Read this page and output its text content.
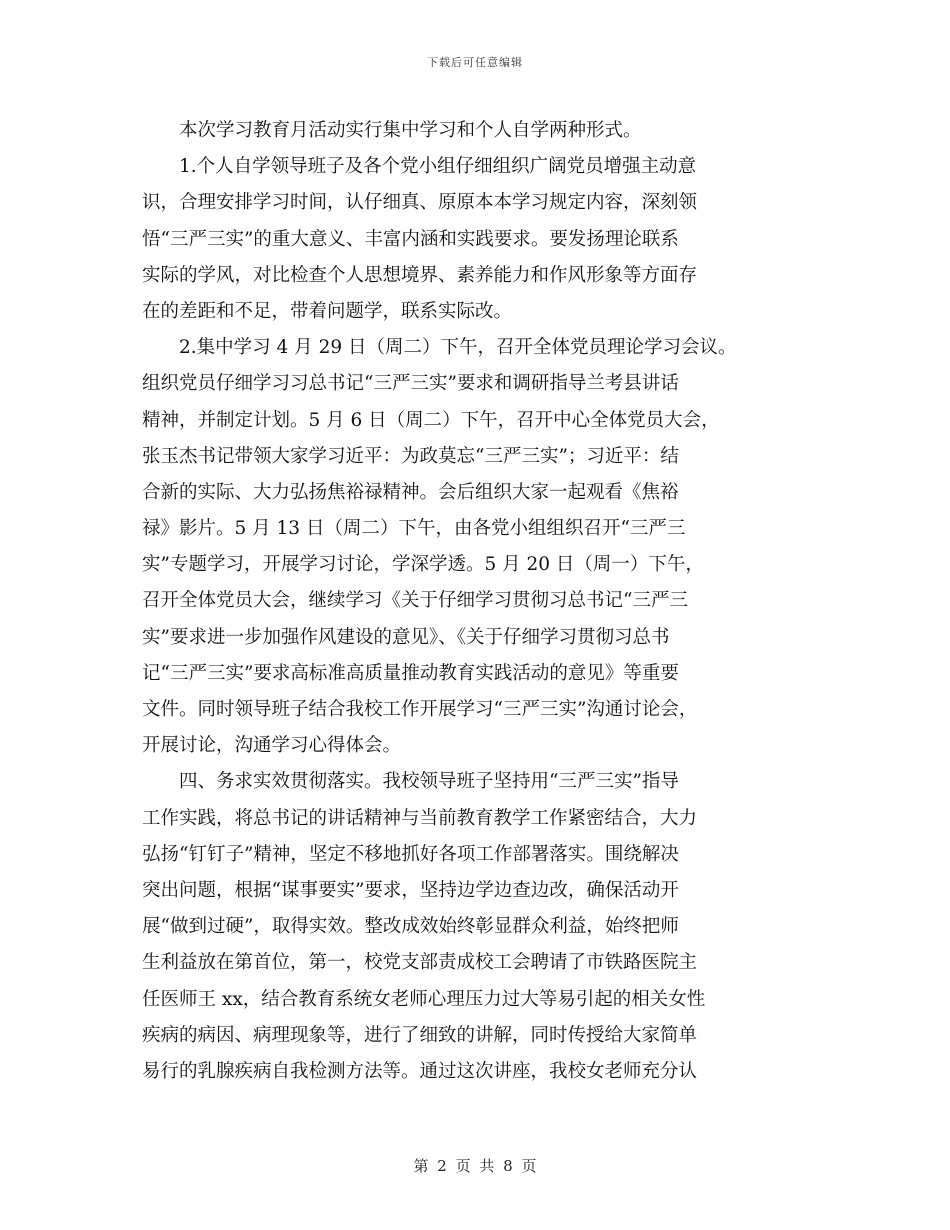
下载后可任意编辑
　　本次学习教育月活动实行集中学习和个人自学两种形式。
　　1.个人自学领导班子及各个党小组仔细组织广阔党员增强主动意
识，合理安排学习时间，认仔细真、原原本本学习规定内容，深刻领
悟“三严三实”的重大意义、丰富内涵和实践要求。要发扬理论联系
实际的学风，对比检查个人思想境界、素养能力和作风形象等方面存
在的差距和不足，带着问题学，联系实际改。
　　2.集中学习 4 月 29 日（周二）下午，召开全体党员理论学习会议。
组织党员仔细学习习总书记“三严三实”要求和调研指导兰考县讲话
精神，并制定计划。5 月 6 日（周二）下午，召开中心全体党员大会，
张玉杰书记带领大家学习近平：为政莫忘“三严三实”；习近平：结
合新的实际、大力弘扬焦裕禄精神。会后组织大家一起观看《焦裕
禄》影片。5 月 13 日（周二）下午，由各党小组组织召开“三严三
实”专题学习，开展学习讨论，学深学透。5 月 20 日（周一）下午，
召开全体党员大会，继续学习《关于仔细学习贯彻习总书记“三严三
实”要求进一步加强作风建设的意见》、《关于仔细学习贯彻习总书
记“三严三实”要求高标准高质量推动教育实践活动的意见》等重要
文件。同时领导班子结合我校工作开展学习“三严三实”沟通讨论会，
开展讨论，沟通学习心得体会。
　　四、务求实效贯彻落实。我校领导班子坚持用“三严三实”指导
工作实践，将总书记的讲话精神与当前教育教学工作紧密结合，大力
弘扬“钉钉子”精神，坚定不移地抓好各项工作部署落实。围绕解决
突出问题，根据“谋事要实”要求，坚持边学边查边改，确保活动开
展“做到过硬”，取得实效。整改成效始终彰显群众利益，始终把师
生利益放在第首位，第一，校党支部责成校工会聘请了市铁路医院主
任医师王 xx，结合教育系统女老师心理压力过大等易引起的相关女性
疾病的病因、病理现象等，进行了细致的讲解，同时传授给大家简单
易行的乳腺疾病自我检测方法等。通过这次讲座，我校女老师充分认
第 2 页 共 8 页
